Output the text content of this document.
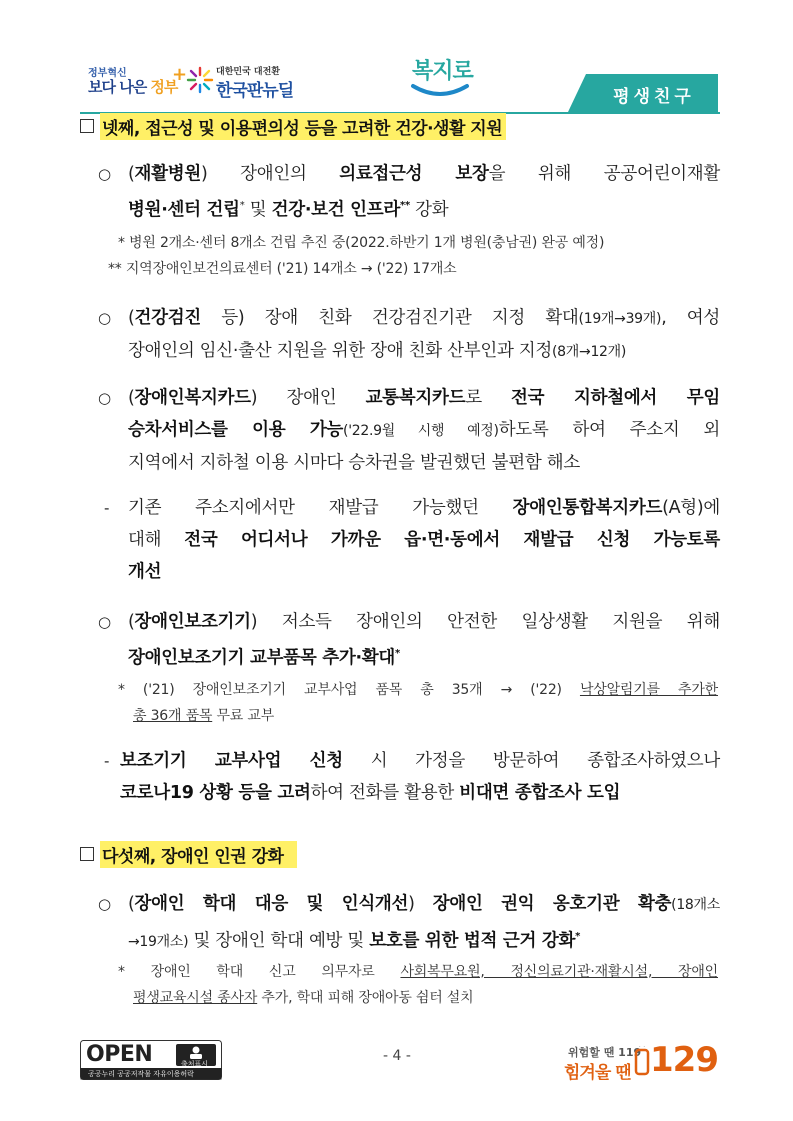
정부혁신
보다 나은 정부
+	대한민국 대전환
한국판뉴딜
복지로
평생친구
넷째, 접근성 및 이용편의성 등을 고려한 건강·생활 지원
○ (재활병원) 장애인의 의료접근성 보장을 위해 공공어린이재활
병원·센터 건립* 및 건강·보건 인프라** 강화
* 병원 2개소·센터 8개소 건립 추진 중(2022.하반기 1개 병원(충남권) 완공 예정)
** 지역장애인보건의료센터 ('21) 14개소 → ('22) 17개소
○ (건강검진 등) 장애 친화 건강검진기관 지정 확대(19개→39개), 여성
장애인의 임신·출산 지원을 위한 장애 친화 산부인과 지정(8개→12개)
○ (장애인복지카드) 장애인 교통복지카드로 전국 지하철에서 무임
승차서비스를 이용 가능('22.9월 시행 예정)하도록 하여 주소지 외
지역에서 지하철 이용 시마다 승차권을 발권했던 불편함 해소
-	기존 주소지에서만 재발급 가능했던 장애인통합복지카드(A형)에
대해 전국 어디서나 가까운 읍·면·동에서 재발급 신청 가능토록
개선
○ (장애인보조기기) 저소득 장애인의 안전한 일상생활 지원을 위해
장애인보조기기 교부품목 추가·확대*
* ('21) 장애인보조기기 교부사업 품목 총 35개 → ('22) 낙상알림기를 추가한
총 36개 품목 무료 교부
- 보조기기 교부사업 신청 시 가정을 방문하여 종합조사하였으나
코로나19 상황 등을 고려하여 전화를 활용한 비대면 종합조사 도입
다섯째, 장애인 인권 강화
○ (장애인 학대 대응 및 인식개선) 장애인 권익 옹호기관 확충(18개소
→19개소) 및 장애인 학대 예방 및 보호를 위한 법적 근거 강화*
* 장애인 학대 신고 의무자로 사회복무요원, 정신의료기관·재활시설, 장애인
평생교육시설 종사자 추가, 학대 피해 장애아동 쉼터 설치
OPEN	출처표시
공공누리 공공저작물 자유이용허락
- 4 -	위험할 땐 119
힘겨울 땐 129
